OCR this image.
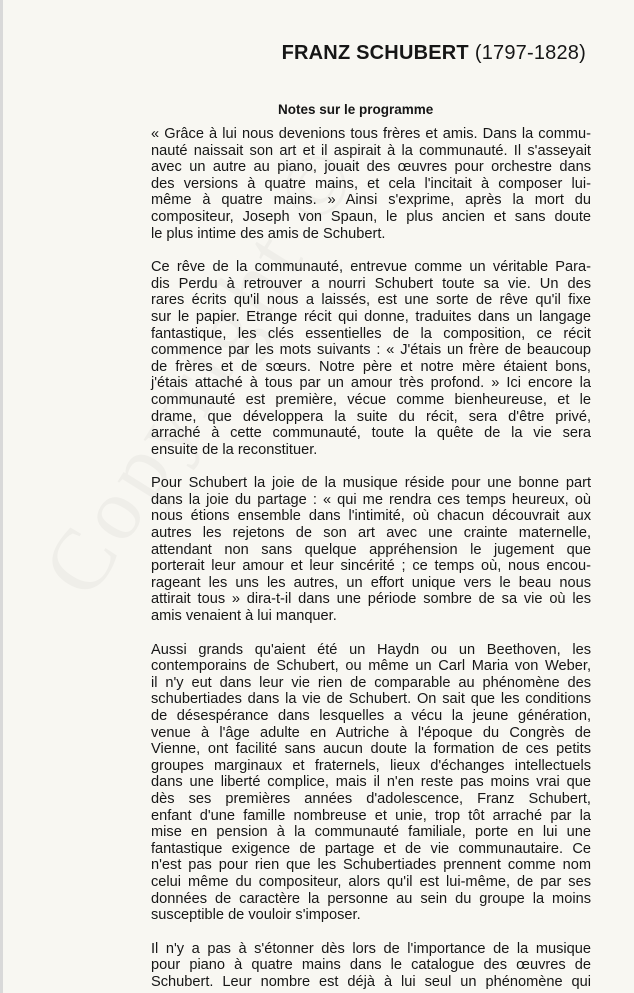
FRANZ SCHUBERT (1797-1828)
Notes sur le programme
« Grâce à lui nous devenions tous frères et amis. Dans la commu-
nauté naissait son art et il aspirait à la communauté. Il s'asseyait
avec un autre au piano, jouait des œuvres pour orchestre dans
des versions à quatre mains, et cela l'incitait à composer lui-
même à quatre mains. » Ainsi s'exprime, après la mort du
compositeur, Joseph von Spaun, le plus ancien et sans doute
le plus intime des amis de Schubert.
Ce rêve de la communauté, entrevue comme un véritable Para-
dis Perdu à retrouver a nourri Schubert toute sa vie. Un des
rares écrits qu'il nous a laissés, est une sorte de rêve qu'il fixe
sur le papier. Etrange récit qui donne, traduites dans un langage
fantastique, les clés essentielles de la composition, ce récit
commence par les mots suivants : « J'étais un frère de beaucoup
de frères et de sœurs. Notre père et notre mère étaient bons,
j'étais attaché à tous par un amour très profond. » Ici encore la
communauté est première, vécue comme bienheureuse, et le
drame, que développera la suite du récit, sera d'être privé,
arraché à cette communauté, toute la quête de la vie sera
ensuite de la reconstituer.
Pour Schubert la joie de la musique réside pour une bonne part
dans la joie du partage : « qui me rendra ces temps heureux, où
nous étions ensemble dans l'intimité, où chacun découvrait aux
autres les rejetons de son art avec une crainte maternelle,
attendant non sans quelque appréhension le jugement que
porterait leur amour et leur sincérité ; ce temps où, nous encou-
rageant les uns les autres, un effort unique vers le beau nous
attirait tous » dira-t-il dans une période sombre de sa vie où les
amis venaient à lui manquer.
Aussi grands qu'aient été un Haydn ou un Beethoven, les
contemporains de Schubert, ou même un Carl Maria von Weber,
il n'y eut dans leur vie rien de comparable au phénomène des
schubertiades dans la vie de Schubert. On sait que les conditions
de désespérance dans lesquelles a vécu la jeune génération,
venue à l'âge adulte en Autriche à l'époque du Congrès de
Vienne, ont facilité sans aucun doute la formation de ces petits
groupes marginaux et fraternels, lieux d'échanges intellectuels
dans une liberté complice, mais il n'en reste pas moins vrai que
dès ses premières années d'adolescence, Franz Schubert,
enfant d'une famille nombreuse et unie, trop tôt arraché par la
mise en pension à la communauté familiale, porte en lui une
fantastique exigence de partage et de vie communautaire. Ce
n'est pas pour rien que les Schubertiades prennent comme nom
celui même du compositeur, alors qu'il est lui-même, de par ses
données de caractère la personne au sein du groupe la moins
susceptible de vouloir s'imposer.
Il n'y a pas à s'étonner dès lors de l'importance de la musique
pour piano à quatre mains dans le catalogue des œuvres de
Schubert. Leur nombre est déjà à lui seul un phénomène qui
